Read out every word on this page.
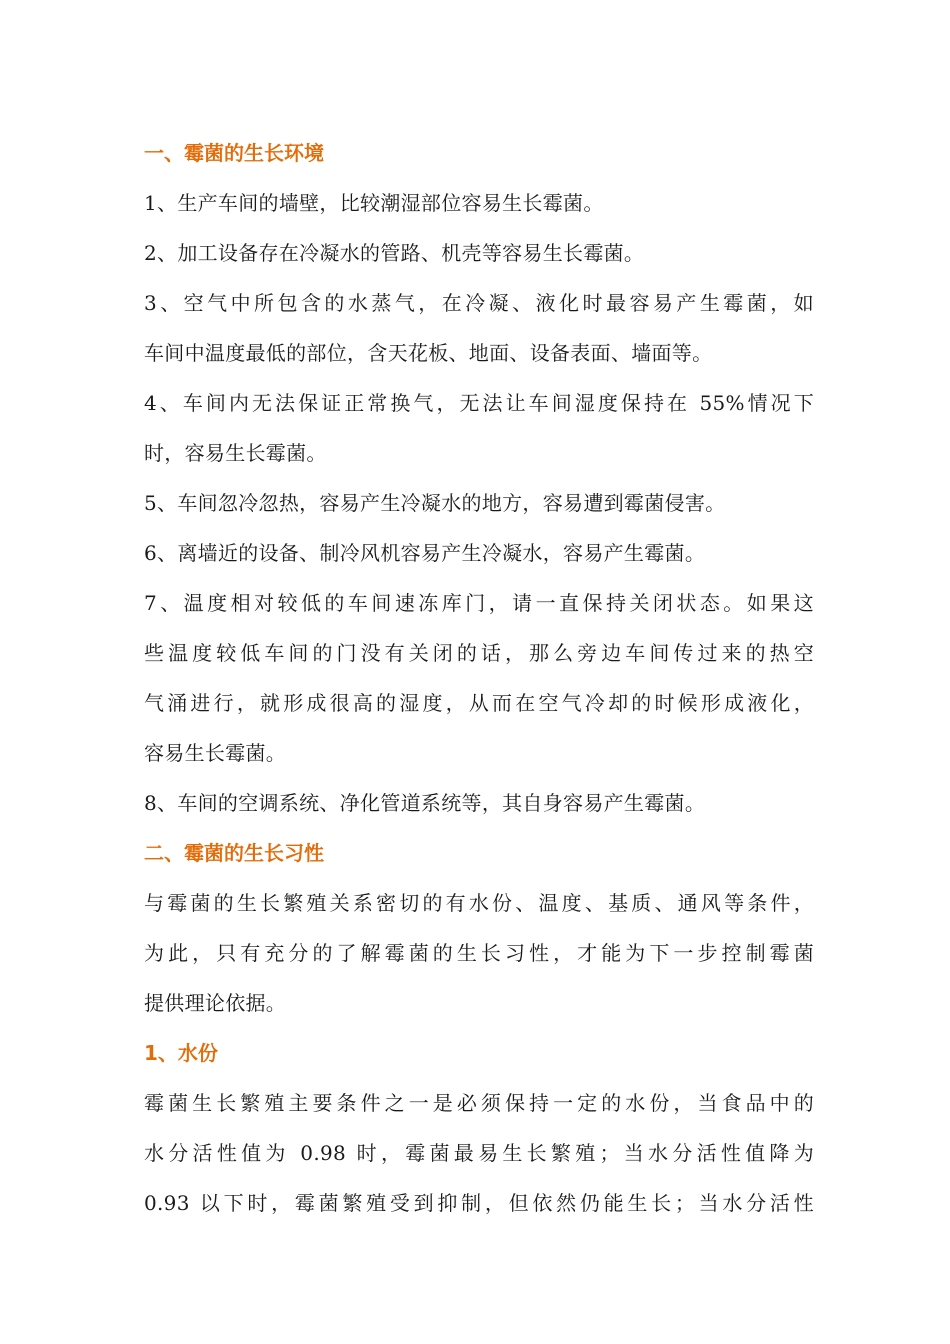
一、霉菌的生长环境
1、生产车间的墙壁，比较潮湿部位容易生长霉菌。
2、加工设备存在冷凝水的管路、机壳等容易生长霉菌。
3、空气中所包含的水蒸气，在冷凝、液化时最容易产生霉菌，如
车间中温度最低的部位，含天花板、地面、设备表面、墙面等。
4、车间内无法保证正常换气，无法让车间湿度保持在 55%情况下
时，容易生长霉菌。
5、车间忽冷忽热，容易产生冷凝水的地方，容易遭到霉菌侵害。
6、离墙近的设备、制冷风机容易产生冷凝水，容易产生霉菌。
7、温度相对较低的车间速冻库门，请一直保持关闭状态。如果这
些温度较低车间的门没有关闭的话，那么旁边车间传过来的热空
气涌进行，就形成很高的湿度，从而在空气冷却的时候形成液化，
容易生长霉菌。
8、车间的空调系统、净化管道系统等，其自身容易产生霉菌。
二、霉菌的生长习性
与霉菌的生长繁殖关系密切的有水份、温度、基质、通风等条件，
为此，只有充分的了解霉菌的生长习性，才能为下一步控制霉菌
提供理论依据。
1、水份
霉菌生长繁殖主要条件之一是必须保持一定的水份，当食品中的
水分活性值为 0.98 时，霉菌最易生长繁殖；当水分活性值降为
0.93 以下时，霉菌繁殖受到抑制，但依然仍能生长；当水分活性
